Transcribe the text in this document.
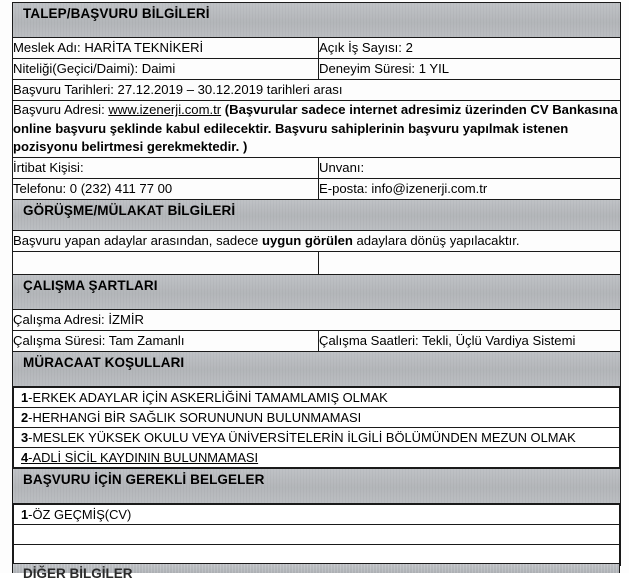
TALEP/BAŞVURU BİLGİLERİ

Meslek Adı: HARİTA TEKNİKERİ	Açık İş Sayısı: 2
Niteliği(Geçici/Daimi): Daimi	Deneyim Süresi: 1 YIL
Başvuru Tarihleri: 27.12.2019 – 30.12.2019 tarihleri arası
Başvuru Adresi: www.izenerji.com.tr (Başvurular sadece internet adresimiz üzerinden CV Bankasına online başvuru şeklinde kabul edilecektir. Başvuru sahiplerinin başvuru yapılmak istenen pozisyonu belirtmesi gerekmektedir. )
İrtibat Kişisi:	Unvanı:
Telefonu: 0 (232) 411 77 00	E-posta: info@izenerji.com.tr

GÖRÜŞME/MÜLAKAT BİLGİLERİ

Başvuru yapan adaylar arasından, sadece uygun görülen adaylara dönüş yapılacaktır.

ÇALIŞMA ŞARTLARI

Çalışma Adresi: İZMİR
Çalışma Süresi: Tam Zamanlı	Çalışma Saatleri: Tekli, Üçlü Vardiya Sistemi

MÜRACAAT KOŞULLARI

1-ERKEK ADAYLAR İÇİN ASKERLİĞİNİ TAMAMLAMIŞ OLMAK
2-HERHANGİ BİR SAĞLIK SORUNUNUN BULUNMAMASI
3-MESLEK YÜKSEK OKULU VEYA ÜNİVERSİTELERİN İLGİLİ BÖLÜMÜNDEN MEZUN OLMAK
4-ADLİ SİCİL KAYDININ BULUNMAMASI

BAŞVURU İÇİN GEREKLİ BELGELER

1-ÖZ GEÇMİŞ(CV)

DİĞER BİLGİLER
